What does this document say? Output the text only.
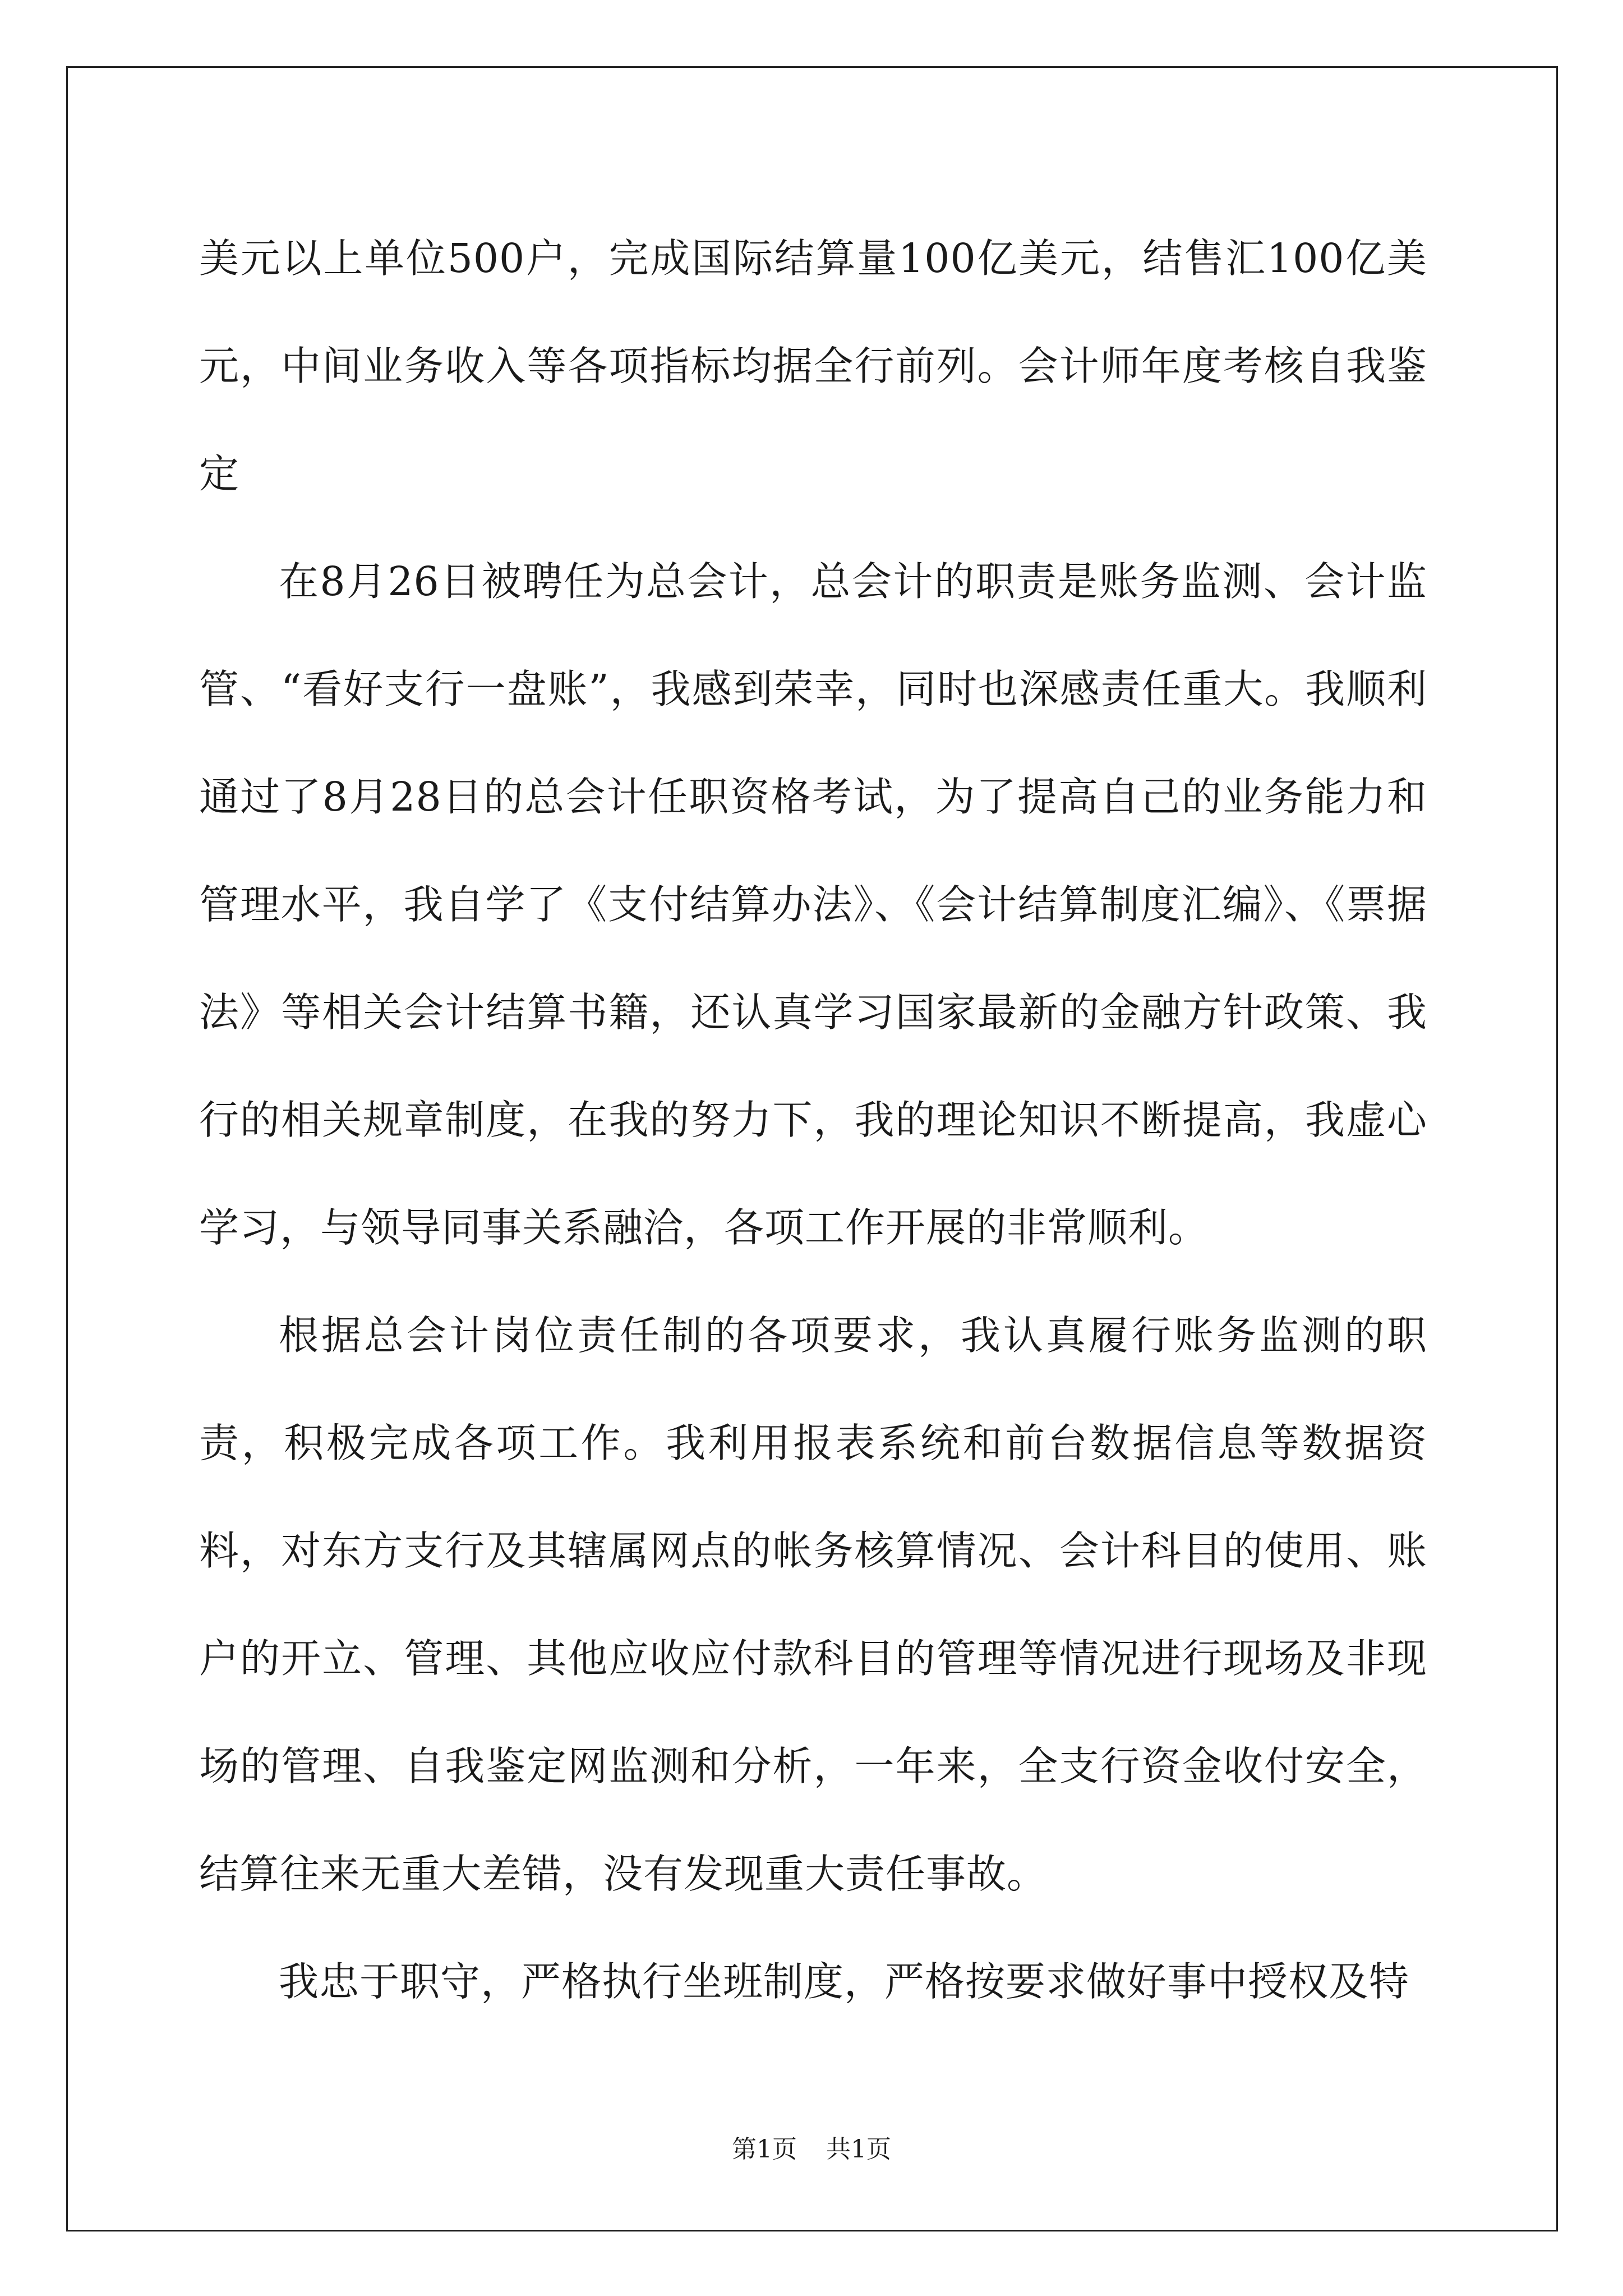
美元以上单位500户，完成国际结算量100亿美元，结售汇100亿美元，中间业务收入等各项指标均据全行前列。会计师年度考核自我鉴定

在8月26日被聘任为总会计，总会计的职责是账务监测、会计监管、“看好支行一盘账”，我感到荣幸，同时也深感责任重大。我顺利通过了8月28日的总会计任职资格考试，为了提高自己的业务能力和管理水平，我自学了《支付结算办法》、《会计结算制度汇编》、《票据法》等相关会计结算书籍，还认真学习国家最新的金融方针政策、我行的相关规章制度，在我的努力下，我的理论知识不断提高，我虚心学习，与领导同事关系融洽，各项工作开展的非常顺利。

根据总会计岗位责任制的各项要求，我认真履行账务监测的职责，积极完成各项工作。我利用报表系统和前台数据信息等数据资料，对东方支行及其辖属网点的帐务核算情况、会计科目的使用、账户的开立、管理、其他应收应付款科目的管理等情况进行现场及非现场的管理、自我鉴定网监测和分析，一年来，全支行资金收付安全，结算往来无重大差错，没有发现重大责任事故。

我忠于职守，严格执行坐班制度，严格按要求做好事中授权及特

第1页 共1页
